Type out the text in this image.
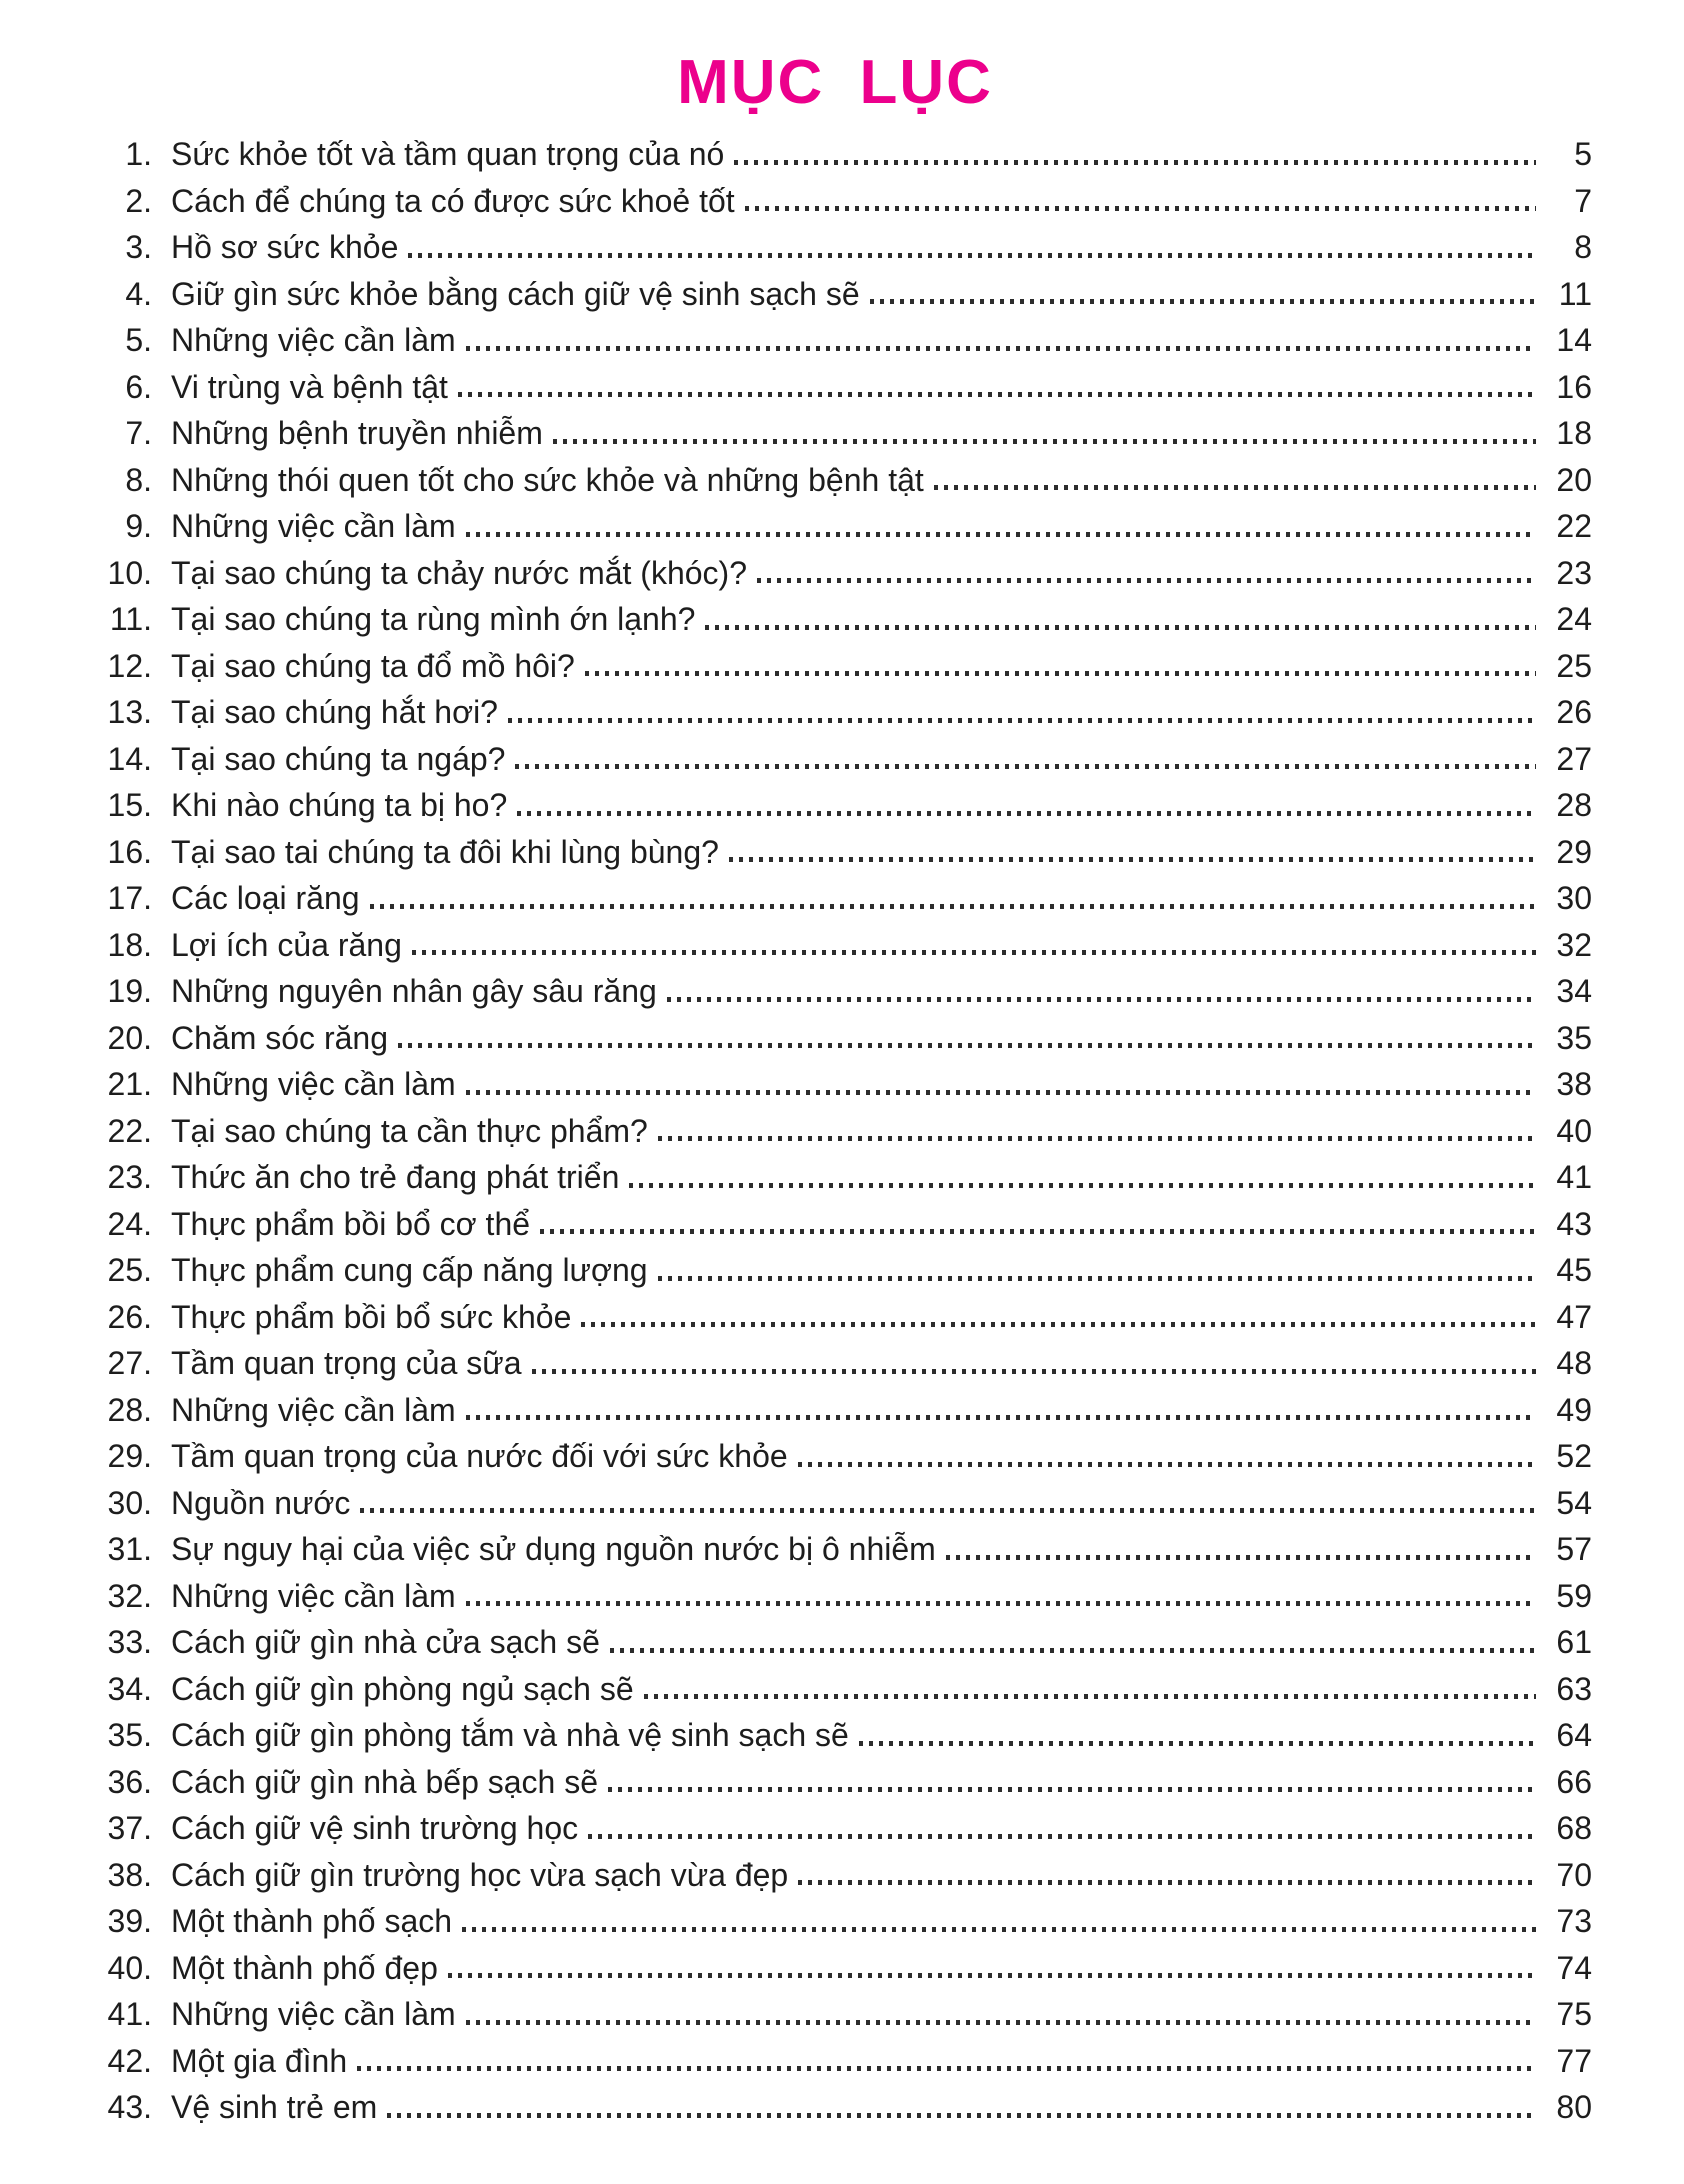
MỤC LỤC
1. Sức khỏe tốt và tầm quan trọng của nó	5
2. Cách để chúng ta có được sức khoẻ tốt	7
3. Hồ sơ sức khỏe	8
4. Giữ gìn sức khỏe bằng cách giữ vệ sinh sạch sẽ	11
5. Những việc cần làm	14
6. Vi trùng và bệnh tật	16
7. Những bệnh truyền nhiễm	18
8. Những thói quen tốt cho sức khỏe và những bệnh tật	20
9. Những việc cần làm	22
10. Tại sao chúng ta chảy nước mắt (khóc)?	23
11. Tại sao chúng ta rùng mình ớn lạnh?	24
12. Tại sao chúng ta đổ mồ hôi?	25
13. Tại sao chúng hắt hơi?	26
14. Tại sao chúng ta ngáp?	27
15. Khi nào chúng ta bị ho?	28
16. Tại sao tai chúng ta đôi khi lùng bùng?	29
17. Các loại răng	30
18. Lợi ích của răng	32
19. Những nguyên nhân gây sâu răng	34
20. Chăm sóc răng	35
21. Những việc cần làm	38
22. Tại sao chúng ta cần thực phẩm?	40
23. Thức ăn cho trẻ đang phát triển	41
24. Thực phẩm bồi bổ cơ thể	43
25. Thực phẩm cung cấp năng lượng	45
26. Thực phẩm bồi bổ sức khỏe	47
27. Tầm quan trọng của sữa	48
28. Những việc cần làm	49
29. Tầm quan trọng của nước đối với sức khỏe	52
30. Nguồn nước	54
31. Sự nguy hại của việc sử dụng nguồn nước bị ô nhiễm	57
32. Những việc cần làm	59
33. Cách giữ gìn nhà cửa sạch sẽ	61
34. Cách giữ gìn phòng ngủ sạch sẽ	63
35. Cách giữ gìn phòng tắm và nhà vệ sinh sạch sẽ	64
36. Cách giữ gìn nhà bếp sạch sẽ	66
37. Cách giữ vệ sinh trường học	68
38. Cách giữ gìn trường học vừa sạch vừa đẹp	70
39. Một thành phố sạch	73
40. Một thành phố đẹp	74
41. Những việc cần làm	75
42. Một gia đình	77
43. Vệ sinh trẻ em	80
